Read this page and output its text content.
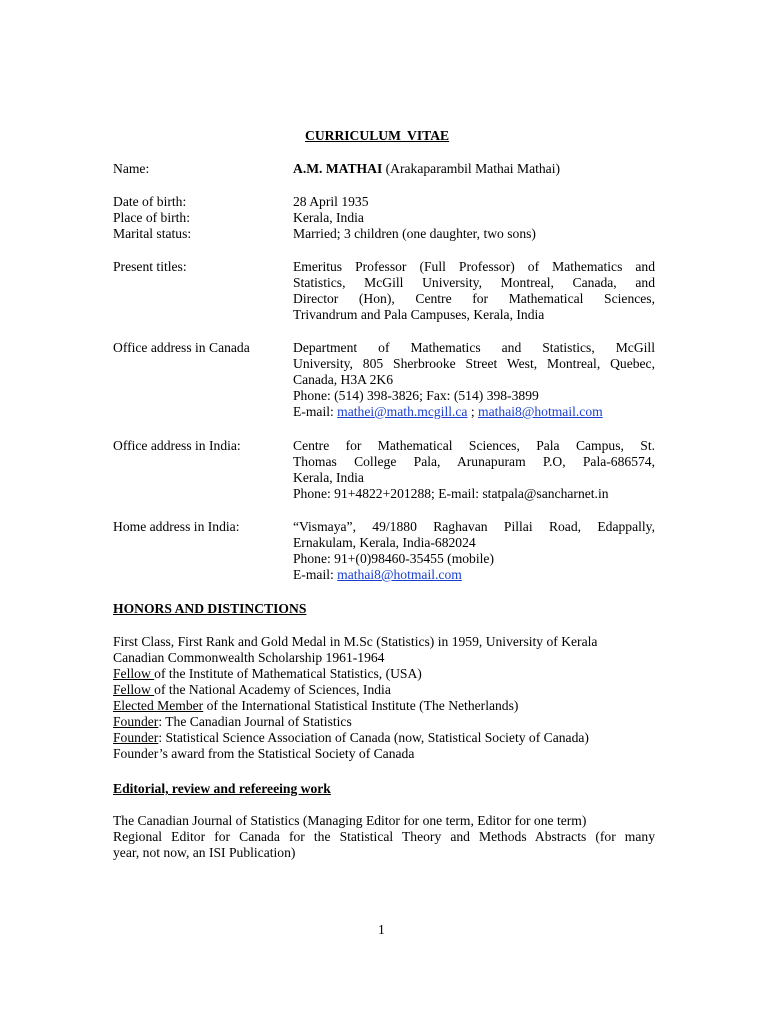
CURRICULUM VITAE
Name:	A.M. MATHAI (Arakaparambil Mathai Mathai)
Date of birth:	28 April 1935
Place of birth:	Kerala, India
Marital status:	Married; 3 children (one daughter, two sons)
Present titles:	Emeritus Professor (Full Professor) of Mathematics and
Statistics, McGill University, Montreal, Canada, and
Director (Hon), Centre for Mathematical Sciences,
Trivandrum and Pala Campuses, Kerala, India
Office address in Canada	Department of Mathematics and Statistics, McGill
University, 805 Sherbrooke Street West, Montreal, Quebec,
Canada, H3A 2K6
Phone: (514) 398-3826; Fax: (514) 398-3899
E-mail: mathei@math.mcgill.ca ; mathai8@hotmail.com
Office address in India:	Centre for Mathematical Sciences, Pala Campus, St.
Thomas College Pala, Arunapuram P.O, Pala-686574,
Kerala, India
Phone: 91+4822+201288; E-mail: statpala@sancharnet.in
Home address in India:	“Vismaya”, 49/1880 Raghavan Pillai Road, Edappally,
Ernakulam, Kerala, India-682024
Phone: 91+(0)98460-35455 (mobile)
E-mail: mathai8@hotmail.com
HONORS AND DISTINCTIONS
First Class, First Rank and Gold Medal in M.Sc (Statistics) in 1959, University of Kerala
Canadian Commonwealth Scholarship 1961-1964
Fellow of the Institute of Mathematical Statistics, (USA)
Fellow of the National Academy of Sciences, India
Elected Member of the International Statistical Institute (The Netherlands)
Founder: The Canadian Journal of Statistics
Founder: Statistical Science Association of Canada (now, Statistical Society of Canada)
Founder’s award from the Statistical Society of Canada
Editorial, review and refereeing work
The Canadian Journal of Statistics (Managing Editor for one term, Editor for one term)
Regional Editor for Canada for the Statistical Theory and Methods Abstracts (for many
year, not now, an ISI Publication)
1
